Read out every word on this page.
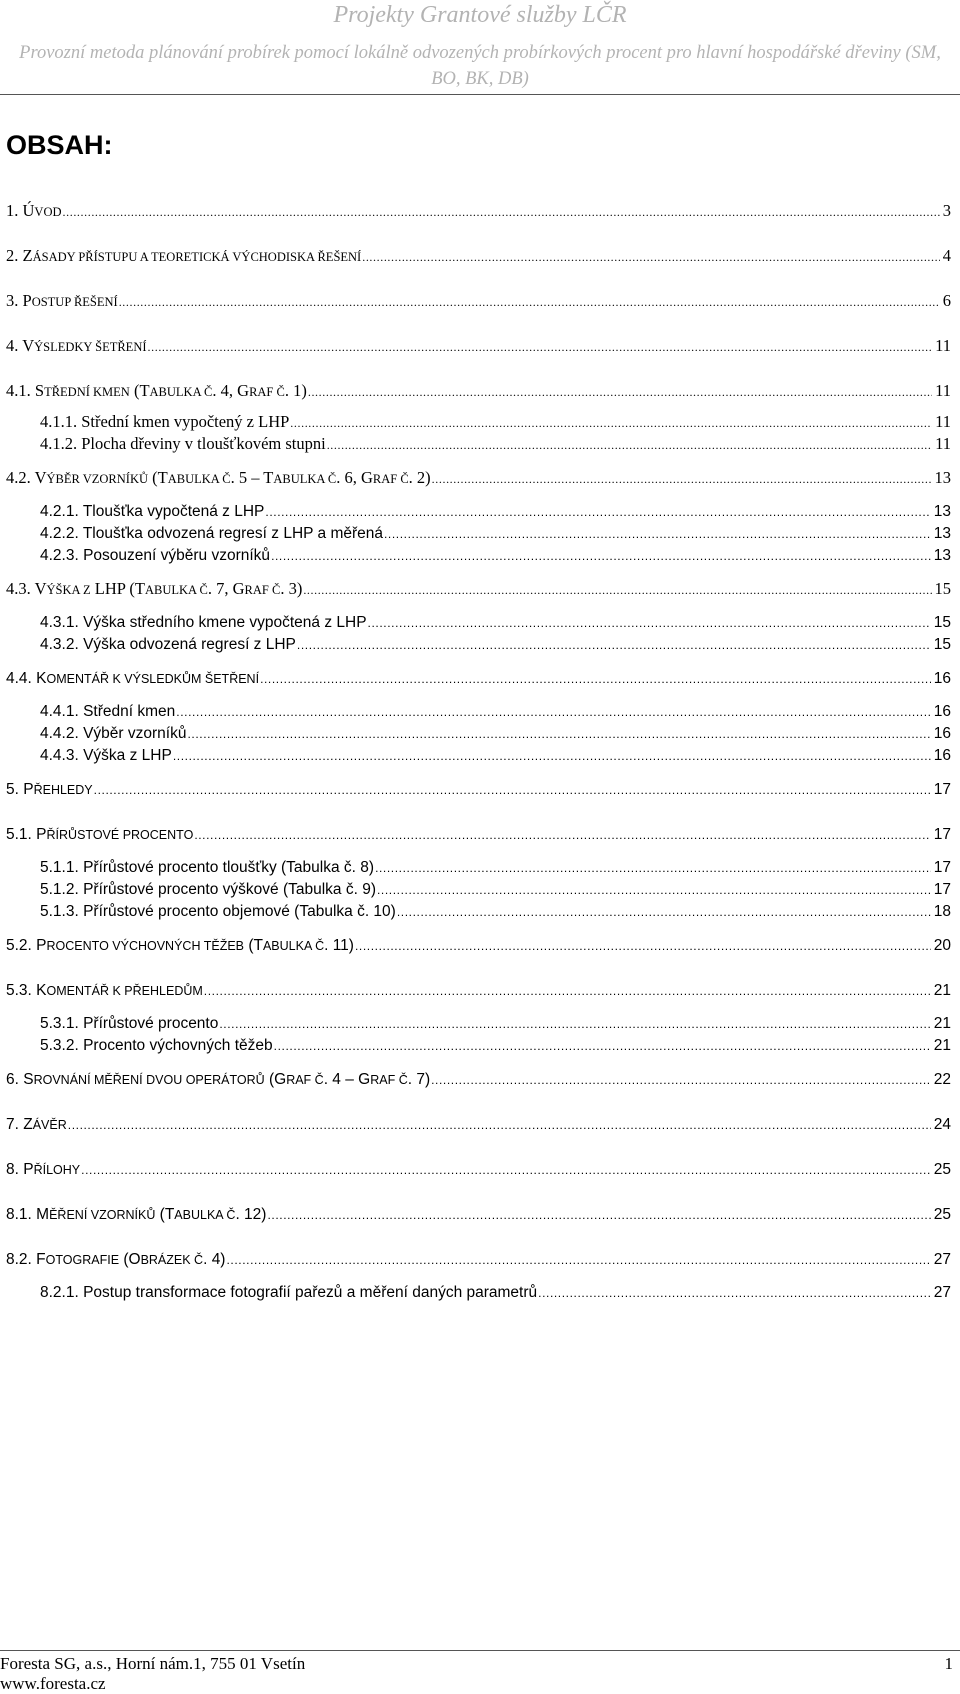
Projekty Grantové služby LČR
Provozní metoda plánování probírek pomocí lokálně odvozených probírkových procent pro hlavní hospodářské dřeviny (SM, BO, BK, DB)
OBSAH:
1. ÚVOD .....	3
2. ZÁSADY PŘÍSTUPU A TEORETICKÁ VÝCHODISKA ŘEŠENÍ .....	4
3. POSTUP ŘEŠENÍ .....	6
4. VÝSLEDKY ŠETŘENÍ .....	11
4.1. STŘEDNÍ KMEN (TABULKA Č. 4, GRAF Č. 1) .....	11
4.1.1. Střední kmen vypočtený z LHP .....	11
4.1.2. Plocha dřeviny v tloušťkovém stupni .....	11
4.2. VÝBĚR VZORNÍKŮ (TABULKA Č. 5 – TABULKA Č. 6, GRAF Č. 2) .....	13
4.2.1. Tloušťka vypočtená z LHP .....	13
4.2.2. Tloušťka odvozená regresí z LHP a měřená .....	13
4.2.3. Posouzení výběru vzorníků .....	13
4.3. VÝŠKA Z LHP (TABULKA Č. 7, GRAF Č. 3) .....	15
4.3.1. Výška středního kmene vypočtená z LHP .....	15
4.3.2. Výška odvozená regresí z LHP .....	15
4.4. KOMENTÁŘ K VÝSLEDKŮM ŠETŘENÍ .....	16
4.4.1. Střední kmen .....	16
4.4.2. Výběr vzorníků .....	16
4.4.3. Výška z LHP .....	16
5. PŘEHLEDY .....	17
5.1. PŘÍRŮSTOVÉ PROCENTO .....	17
5.1.1. Přírůstové procento tloušťky (Tabulka č. 8) .....	17
5.1.2. Přírůstové procento výškové (Tabulka č. 9) .....	17
5.1.3. Přírůstové procento objemové (Tabulka č. 10) .....	18
5.2. PROCENTO VÝCHOVNÝCH TĚŽEB (TABULKA Č. 11) .....	20
5.3. KOMENTÁŘ K PŘEHLEDŮM .....	21
5.3.1. Přírůstové procento .....	21
5.3.2. Procento výchovných těžeb .....	21
6. SROVNÁNÍ MĚŘENÍ DVOU OPERÁTORŮ (GRAF Č. 4 – GRAF Č. 7) .....	22
7. ZÁVĚR .....	24
8. PŘÍLOHY .....	25
8.1. MĚŘENÍ VZORNÍKŮ (TABULKA Č. 12) .....	25
8.2. FOTOGRAFIE (OBRÁZEK Č. 4) .....	27
8.2.1. Postup transformace fotografií pařezů a měření daných parametrů .....	27
Foresta SG, a.s., Horní nám.1, 755 01 Vsetín
www.foresta.cz
1
